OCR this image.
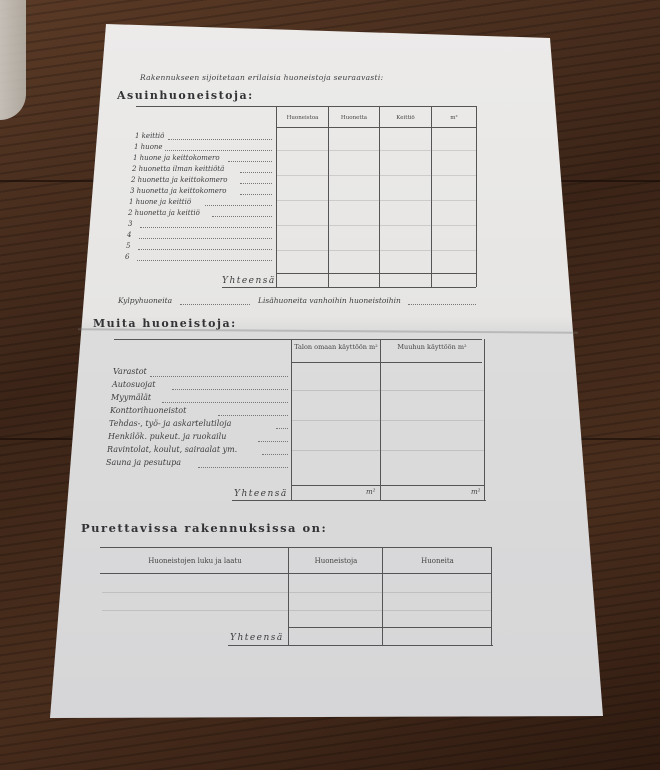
Rakennukseen sijoitetaan erilaisia huoneistoja seuraavasti:
Asuinhuoneistoja:
Huoneistoa	Huonetta	Keittiö	m²
1 keittiö
1 huone
1 huone ja keittokomero
2 huonetta ilman keittiötä
2 huonetta ja keittokomero
3 huonetta ja keittokomero
1 huone ja keittiö
2 huonetta ja keittiö
3
4
5
6
Yhteensä
Kylpyhuoneita	Lisähuoneita vanhoihin huoneistoihin
Muita huoneistoja:
Talon omaan käyttöön m²	Muuhun käyttöön m²
Varastot
Autosuojat
Myymälät
Konttorihuoneistot
Tehdas-, työ- ja askartelutiloja
Henkilök. pukeut. ja ruokailu
Ravintolat, koulut, sairaalat ym.
Sauna ja pesutupa
Yhteensä	m²	m²
Purettavissa rakennuksissa on:
Huoneistojen luku ja laatu	Huoneistoja	Huoneita
Yhteensä
